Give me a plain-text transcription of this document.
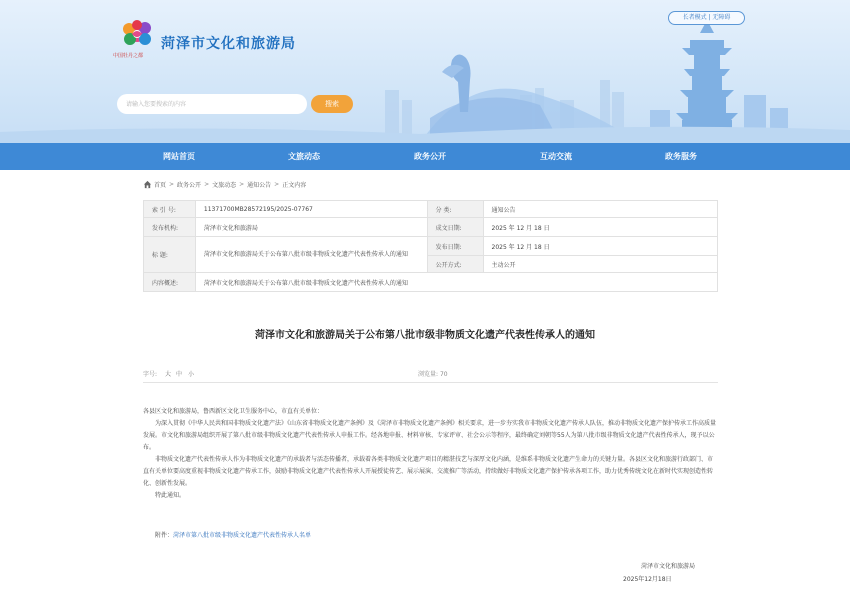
中国牡丹之都
菏泽市文化和旅游局
长者模式 | 无障碍
请输入您要搜索的内容
搜索
网站首页	文旅动态	政务公开	互动交流	政务服务
首页 > 政务公开 > 文旅动态 > 通知公告 > 正文内容
索 引 号:	11371700MB28572195/2025-07767	分 类:	通知公告
发布机构:	菏泽市文化和旅游局	成文日期:	2025 年 12 月 18 日
标 题:	菏泽市文化和旅游局关于公布第八批市级非物质文化遗产代表性传承人的通知	发布日期:	2025 年 12 月 18 日
		公开方式:	主动公开
内容概述:	菏泽市文化和旅游局关于公布第八批市级非物质文化遗产代表性传承人的通知		
菏泽市文化和旅游局关于公布第八批市级非物质文化遗产代表性传承人的通知
字号: 大 中 小	浏览量: 70

各县区文化和旅游局，鲁西新区文化卫生服务中心，市直有关单位：

为深入贯彻《中华人民共和国非物质文化遗产法》《山东省非物质文化遗产条例》及《菏泽市非物质文化遗产条例》相关要求，进一步夯实我市非物质文化遗产传承人队伍，推动非物质文化遗产保护传承工作高质量发展。市文化和旅游局组织开展了第八批市级非物质文化遗产代表性传承人申报工作。经各地申报、材料审核、专家评审、社会公示等程序，最终确定刘朝等55人为第八批市级非物质文化遗产代表性传承人，现予以公布。

非物质文化遗产代表性传承人作为非物质文化遗产的承载者与活态传播者，承载着各类非物质文化遗产项目的精湛技艺与深厚文化内涵，是维系非物质文化遗产生命力的关键力量。各县区文化和旅游行政部门、市直有关单位要高度重视非物质文化遗产传承工作，鼓励非物质文化遗产代表性传承人开展授徒传艺、展示展演、交流推广等活动，持续做好非物质文化遗产保护传承各项工作，助力优秀传统文化在新时代实现创造性转化、创新性发展。

特此通知。

附件：菏泽市第八批市级非物质文化遗产代表性传承人名单
菏泽市文化和旅游局
2025年12月18日
